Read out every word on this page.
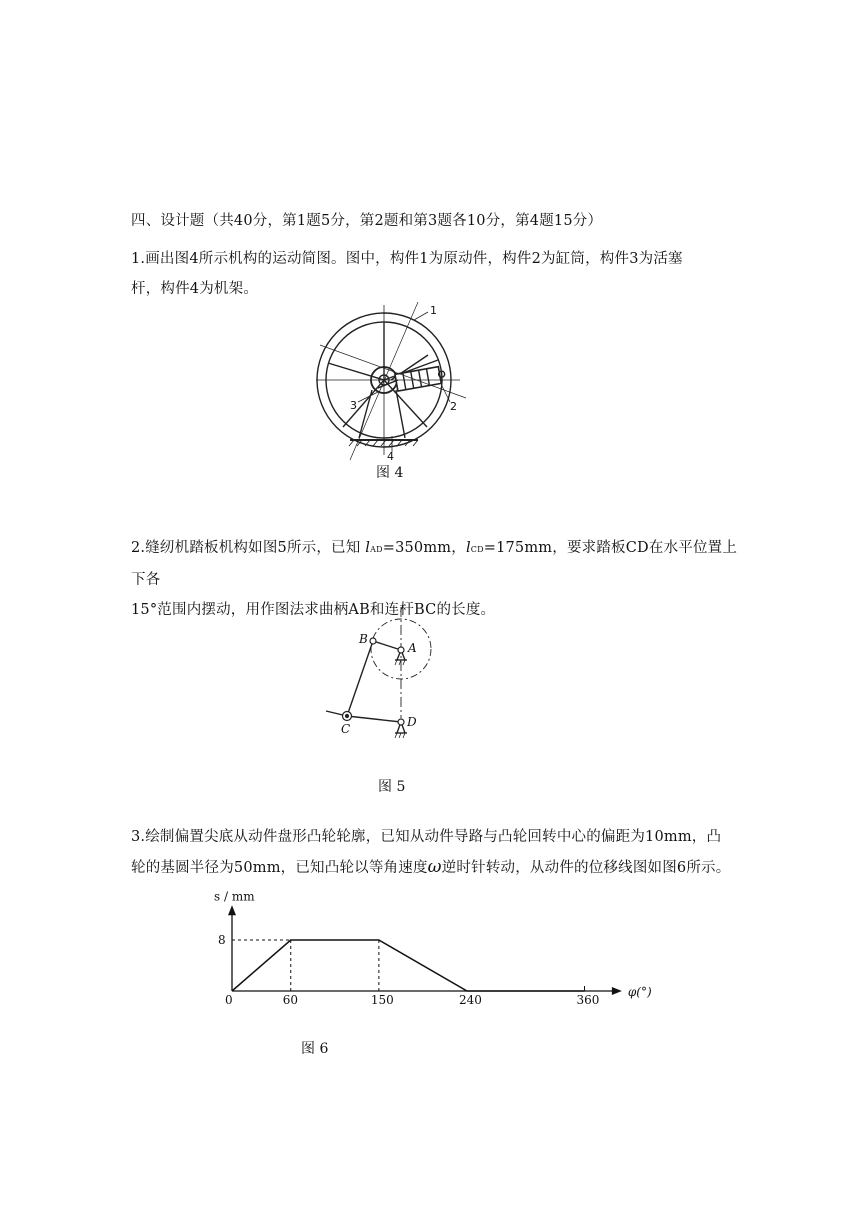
四、设计题（共40分，第1题5分，第2题和第3题各10分，第4题15分）
1.画出图4所示机构的运动简图。图中，构件1为原动件，构件2为缸筒，构件3为活塞
杆，构件4为机架。
1
2
3
4
图 4
2.缝纫机踏板机构如图5所示，已知 lAD=350mm，lCD=175mm，要求踏板CD在水平位置上下各
15°范围内摆动，用作图法求曲柄AB和连杆BC的长度。
B
A
C	D
图 5
3.绘制偏置尖底从动件盘形凸轮轮廓，已知从动件导路与凸轮回转中心的偏距为10mm，凸
轮的基圆半径为50mm，已知凸轮以等角速度ω逆时针转动，从动件的位移线图如图6所示。
0	60	150	240	360
8
φ(°)
s / mm
图 6
